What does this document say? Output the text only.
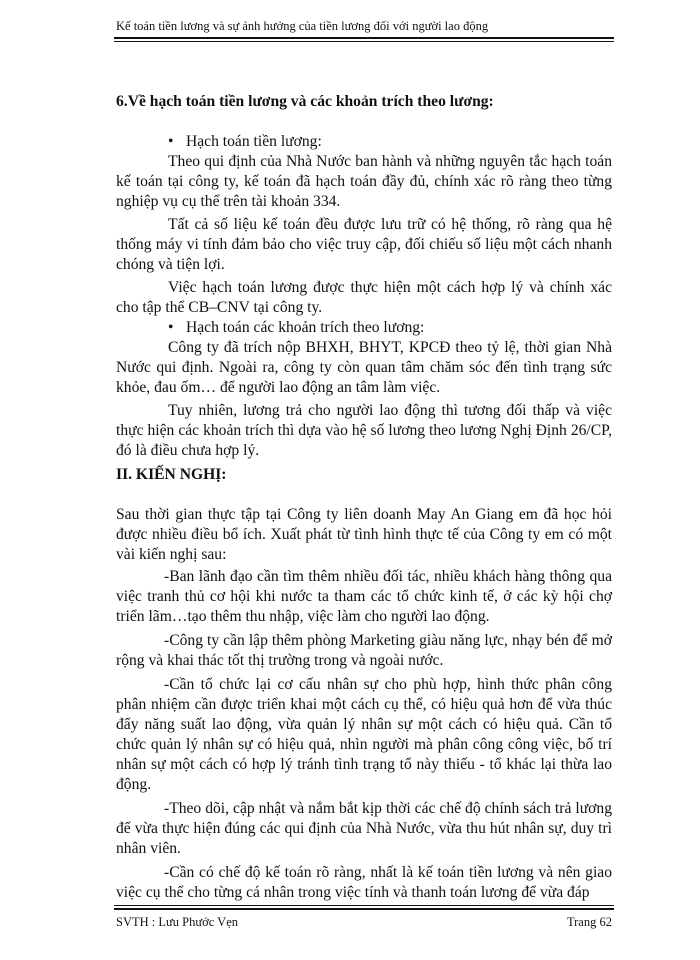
Kế toán tiền lương và sự ảnh hưởng của tiền lương đối với người lao động

6.Về hạch toán tiền lương và các khoản trích theo lương:

• Hạch toán tiền lương:

Theo qui định của Nhà Nước ban hành và những nguyên tắc hạch toán kế toán tại công ty, kế toán đã hạch toán đầy đủ, chính xác rõ ràng theo từng nghiệp vụ cụ thể trên tài khoản 334.

Tất cả số liệu kế toán đều được lưu trữ có hệ thống, rõ ràng qua hệ thống máy vi tính đảm bảo cho việc truy cập, đối chiếu số liệu một cách nhanh chóng và tiện lợi.

Việc hạch toán lương được thực hiện một cách hợp lý và chính xác cho tập thể CB–CNV tại công ty.

• Hạch toán các khoản trích theo lương:

Công ty đã trích nộp BHXH, BHYT, KPCĐ theo tỷ lệ, thời gian Nhà Nước qui định. Ngoài ra, công ty còn quan tâm chăm sóc đến tình trạng sức khỏe, đau ốm… để người lao động an tâm làm việc.

Tuy nhiên, lương trả cho người lao động thì tương đối thấp và việc thực hiện các khoản trích thì dựa vào hệ số lương theo lương Nghị Định 26/CP, đó là điều chưa hợp lý.

II. KIẾN NGHỊ:

Sau thời gian thực tập tại Công ty liên doanh May An Giang em đã học hỏi được nhiều điều bổ ích. Xuất phát từ tình hình thực tế của Công ty em có một vài kiến nghị sau:

-Ban lãnh đạo cần tìm thêm nhiều đối tác, nhiều khách hàng thông qua việc tranh thủ cơ hội khi nước ta tham các tổ chức kinh tế, ở các kỳ hội chợ triển lãm…tạo thêm thu nhập, việc làm cho người lao động.

-Công ty cần lập thêm phòng Marketing giàu năng lực, nhạy bén để mở rộng và khai thác tốt thị trường trong và ngoài nước.

-Cần tổ chức lại cơ cấu nhân sự cho phù hợp, hình thức phân công phân nhiệm cần được triển khai một cách cụ thể, có hiệu quả hơn để vừa thúc đẩy năng suất lao động, vừa quản lý nhân sự một cách có hiệu quả. Cần tổ chức quản lý nhân sự có hiệu quả, nhìn người mà phân công công việc, bố trí nhân sự một cách có hợp lý tránh tình trạng tổ này thiếu - tổ khác lại thừa lao động.

-Theo dõi, cập nhật và nắm bắt kịp thời các chế độ chính sách trả lương để vừa thực hiện đúng các qui định của Nhà Nước, vừa thu hút nhân sự, duy trì nhân viên.

-Cần có chế độ kế toán rõ ràng, nhất là kế toán tiền lương và nên giao việc cụ thể cho từng cá nhân trong việc tính và thanh toán lương để vừa đáp

SVTH : Lưu Phước Vẹn	Trang 62
